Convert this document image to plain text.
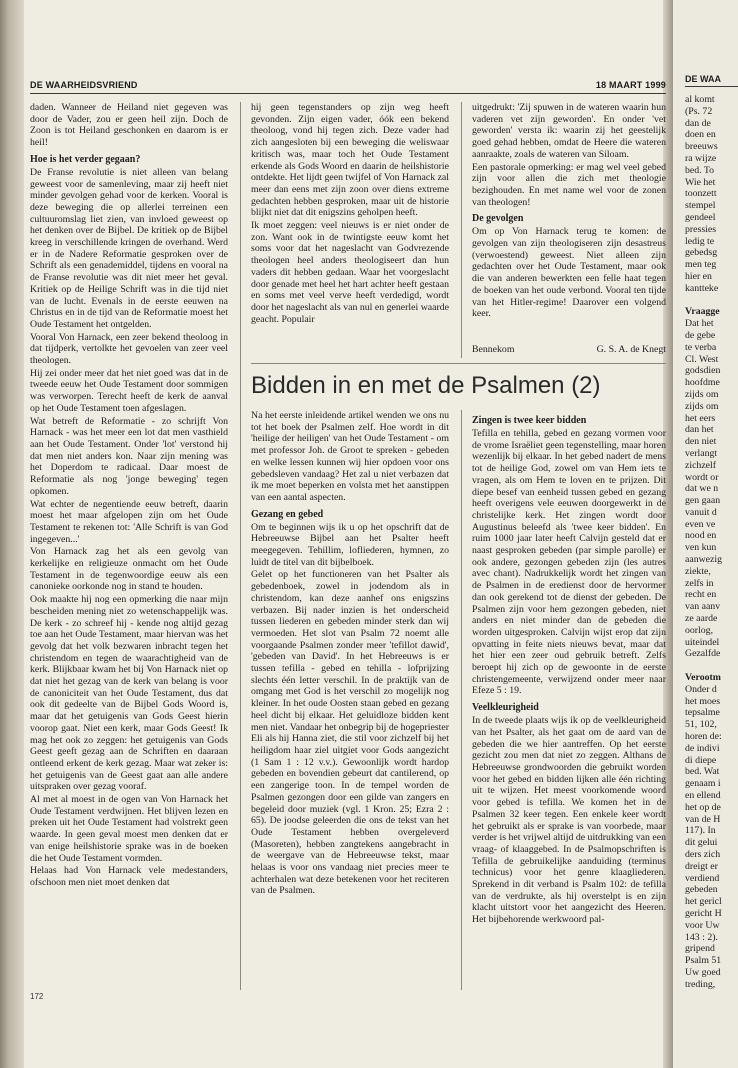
DE WAA
al komt
(Ps. 72
dan de
doen en
breeuws
ra wijze
bed. To
Wie het
toonzett
stempel
gendeel
pressies
ledig te
gebedsg
men teg
hier en
kantteke
Vraagge
Dat het
de gebe
te verba
Cl. West
godsdien
hoofdme
zijds om
zijds om
het eers
dan het
den niet
verlangt
zichzelf
wordt or
dat we n
gen gaan
vanuit d
even ve
nood en
ven kun
aanwezig
ziekte,
zelfs in
recht en
van aanv
ze aarde
oorlog,
uiteindel
Gezalfde
Verootm
Onder d
het moes
tepsalme
51, 102,
horen de:
de indivi
di diepe
bed. Wat
genaam i
en ellend
het op de
van de H
117). In
dit gelui
ders zich
dreigt er
verdiend
gebeden
het gericl
gericht H
voor Uw
143 : 2).
gripend
Psalm 51
Uw goed
treding,
DE WAARHEIDSVRIEND	18 MAART 1999

daden. Wanneer de Heiland niet gegeven was door de Vader, zou er geen heil zijn. Doch de Zoon is tot Heiland geschonken en daarom is er heil!

Hoe is het verder gegaan?

De Franse revolutie is niet alleen van belang geweest voor de samenleving, maar zij heeft niet minder gevolgen gehad voor de kerken. Vooral is deze beweging die op allerlei terreinen een cultuuromslag liet zien, van invloed geweest op het denken over de Bijbel. De kritiek op de Bijbel kreeg in verschillende kringen de overhand. Werd er in de Nadere Reformatie gesproken over de Schrift als een genademiddel, tijdens en vooral na de Franse revolutie was dit niet meer het geval. Kritiek op de Heilige Schrift was in die tijd niet van de lucht. Evenals in de eerste eeuwen na Christus en in de tijd van de Reformatie moest het Oude Testament het ontgelden.

Vooral Von Harnack, een zeer bekend theoloog in dat tijdperk, vertolkte het gevoelen van zeer veel theologen.

Hij zei onder meer dat het niet goed was dat in de tweede eeuw het Oude Testament door sommigen was verworpen. Terecht heeft de kerk de aanval op het Oude Testament toen afgeslagen.

Wat betreft de Reformatie - zo schrijft Von Harnack - was het meer een lot dat men vasthield aan het Oude Testament. Onder 'lot' verstond hij dat men niet anders kon. Naar zijn mening was het Doperdom te radicaal. Daar moest de Reformatie als nog 'jonge beweging' tegen opkomen.

Wat echter de negentiende eeuw betreft, daarin moest het maar afgelopen zijn om het Oude Testament te rekenen tot: 'Alle Schrift is van God ingegeven...'

Von Harnack zag het als een gevolg van kerkelijke en religieuze onmacht om het Oude Testament in de tegenwoordige eeuw als een canonieke oorkonde nog in stand te houden.

Ook maakte hij nog een opmerking die naar mijn bescheiden mening niet zo wetenschappelijk was. De kerk - zo schreef hij - kende nog altijd gezag toe aan het Oude Testament, maar hiervan was het gevolg dat het volk bezwaren inbracht tegen het christendom en tegen de waarachtigheid van de kerk. Blijkbaar kwam het bij Von Harnack niet op dat niet het gezag van de kerk van belang is voor de canoniciteit van het Oude Testament, dus dat ook dit gedeelte van de Bijbel Gods Woord is, maar dat het getuigenis van Gods Geest hierin voorop gaat. Niet een kerk, maar Gods Geest! Ik mag het ook zo zeggen: het getuigenis van Gods Geest geeft gezag aan de Schriften en daaraan ontleend erkent de kerk gezag. Maar wat zeker is: het getuigenis van de Geest gaat aan alle andere uitspraken over gezag vooraf.

Al met al moest in de ogen van Von Harnack het Oude Testament verdwijnen. Het blijven lezen en preken uit het Oude Testament had volstrekt geen waarde. In geen geval moest men denken dat er van enige heilshistorie sprake was in de boeken die het Oude Testament vormden.

Helaas had Von Harnack vele medestanders, ofschoon men niet moet denken dat

hij geen tegenstanders op zijn weg heeft gevonden. Zijn eigen vader, óók een bekend theoloog, vond hij tegen zich. Deze vader had zich aangesloten bij een beweging die weliswaar kritisch was, maar toch het Oude Testament erkende als Gods Woord en daarin de heilshistorie ontdekte. Het lijdt geen twijfel of Von Harnack zal meer dan eens met zijn zoon over diens extreme gedachten hebben gesproken, maar uit de historie blijkt niet dat dit enigszins geholpen heeft.

Ik moet zeggen: veel nieuws is er niet onder de zon. Want ook in de twintigste eeuw komt het soms voor dat het nageslacht van Godvrezende theologen heel anders theologiseert dan hun vaders dit hebben gedaan. Waar het voorgeslacht door genade met heel het hart achter heeft gestaan en soms met veel verve heeft verdedigd, wordt door het nageslacht als van nul en generlei waarde geacht. Populair

uitgedrukt: 'Zij spuwen in de wateren waarin hun vaderen vet zijn geworden'. En onder 'vet geworden' versta ik: waarin zij het geestelijk goed gehad hebben, omdat de Heere die wateren aanraakte, zoals de wateren van Siloam.

Een pastorale opmerking: er mag wel veel gebed zijn voor allen die zich met theologie bezighouden. En met name wel voor de zonen van theologen!

De gevolgen

Om op Von Harnack terug te komen: de gevolgen van zijn theologiseren zijn desastreus (verwoestend) geweest. Niet alleen zijn gedachten over het Oude Testament, maar ook die van anderen bewerkten een felle haat tegen de boeken van het oude verbond. Vooral ten tijde van het Hitler-regime! Daarover een volgend keer.

Bennekom	G. S. A. de Knegt
Bidden in en met de Psalmen (2)

Na het eerste inleidende artikel wenden we ons nu tot het boek der Psalmen zelf. Hoe wordt in dit 'heilige der heiligen' van het Oude Testament - om met professor Joh. de Groot te spreken - gebeden en welke lessen kunnen wij hier opdoen voor ons gebedsleven vandaag? Het zal u niet verbazen dat ik me moet beperken en volsta met het aanstippen van een aantal aspecten.

Gezang en gebed

Om te beginnen wijs ik u op het opschrift dat de Hebreeuwse Bijbel aan het Psalter heeft meegegeven. Tehillim, lofliederen, hymnen, zo luidt de titel van dit bijbelboek.

Gelet op het functioneren van het Psalter als gebedenboek, zowel in jodendom als in christendom, kan deze aanhef ons enigszins verbazen. Bij nader inzien is het onderscheid tussen liederen en gebeden minder sterk dan wij vermoeden. Het slot van Psalm 72 noemt alle voorgaande Psalmen zonder meer 'tefillot dawid', 'gebeden van David'. In het Hebreeuws is er tussen tefilla - gebed en tehilla - lofprijzing slechts één letter verschil. In de praktijk van de omgang met God is het verschil zo mogelijk nog kleiner. In het oude Oosten staan gebed en gezang heel dicht bij elkaar. Het geluidloze bidden kent men niet. Vandaar het onbegrip bij de hogepriester Eli als hij Hanna ziet, die stil voor zichzelf bij het heiligdom haar ziel uitgiet voor Gods aangezicht (1 Sam 1 : 12 v.v.). Gewoonlijk wordt hardop gebeden en bovendien gebeurt dat cantilerend, op een zangerige toon. In de tempel worden de Psalmen gezongen door een gilde van zangers en begeleid door muziek (vgl. 1 Kron. 25; Ezra 2 : 65). De joodse geleerden die ons de tekst van het Oude Testament hebben overgeleverd (Masoreten), hebben zangtekens aangebracht in de weergave van de Hebreeuwse tekst, maar helaas is voor ons vandaag niet precies meer te achterhalen wat deze betekenen voor het reciteren van de Psalmen.

Zingen is twee keer bidden

Tefilla en tehilla, gebed en gezang vormen voor de vrome Israëliet geen tegenstelling, maar horen wezenlijk bij elkaar. In het gebed nadert de mens tot de heilige God, zowel om van Hem iets te vragen, als om Hem te loven en te prijzen. Dit diepe besef van eenheid tussen gebed en gezang heeft overigens vele eeuwen doorgewerkt in de christelijke kerk. Het zingen wordt door Augustinus beleefd als 'twee keer bidden'. En ruim 1000 jaar later heeft Calvijn gesteld dat er naast gesproken gebeden (par simple parolle) er ook andere, gezongen gebeden zijn (les autres avec chant). Nadrukkelijk wordt het zingen van de Psalmen in de eredienst door de hervormer dan ook gerekend tot de dienst der gebeden. De Psalmen zijn voor hem gezongen gebeden, niet anders en niet minder dan de gebeden die worden uitgesproken. Calvijn wijst erop dat zijn opvatting in feite niets nieuws bevat, maar dat het hier een zeer oud gebruik betreft. Zelfs beroept hij zich op de gewoonte in de eerste christengemeente, verwijzend onder meer naar Efeze 5 : 19.

Veelkleurigheid

In de tweede plaats wijs ik op de veelkleurigheid van het Psalter, als het gaat om de aard van de gebeden die we hier aantreffen. Op het eerste gezicht zou men dat niet zo zeggen. Althans de Hebreeuwse grondwoorden die gebruikt worden voor het gebed en bidden lijken alle één richting uit te wijzen. Het meest voorkomende woord voor gebed is tefilla. We komen het in de Psalmen 32 keer tegen. Een enkele keer wordt het gebruikt als er sprake is van voorbede, maar verder is het vrijwel altijd de uitdrukking van een vraag- of klaaggebed. In de Psalmopschriften is Tefilla de gebruikelijke aanduiding (terminus technicus) voor het genre klaagliederen. Sprekend in dit verband is Psalm 102: de tefilla van de verdrukte, als hij overstelpt is en zijn klacht uitstort voor het aangezicht des Heeren. Het bijbehorende werkwoord pal-

172
